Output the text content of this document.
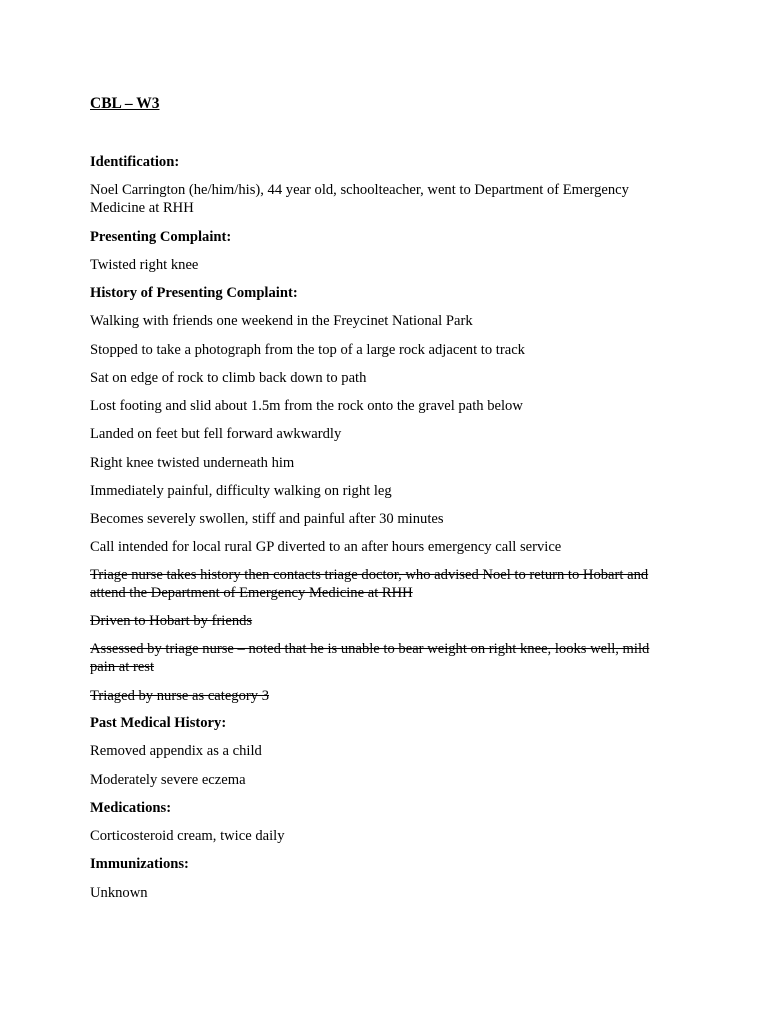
CBL – W3

Identification:

Noel Carrington (he/him/his), 44 year old, schoolteacher, went to Department of Emergency Medicine at RHH

Presenting Complaint:

Twisted right knee

History of Presenting Complaint:

Walking with friends one weekend in the Freycinet National Park

Stopped to take a photograph from the top of a large rock adjacent to track

Sat on edge of rock to climb back down to path

Lost footing and slid about 1.5m from the rock onto the gravel path below

Landed on feet but fell forward awkwardly

Right knee twisted underneath him

Immediately painful, difficulty walking on right leg

Becomes severely swollen, stiff and painful after 30 minutes

Call intended for local rural GP diverted to an after hours emergency call service

Triage nurse takes history then contacts triage doctor, who advised Noel to return to Hobart and attend the Department of Emergency Medicine at RHH

Driven to Hobart by friends

Assessed by triage nurse – noted that he is unable to bear weight on right knee, looks well, mild pain at rest

Triaged by nurse as category 3

Past Medical History:

Removed appendix as a child

Moderately severe eczema

Medications:

Corticosteroid cream, twice daily

Immunizations:

Unknown
